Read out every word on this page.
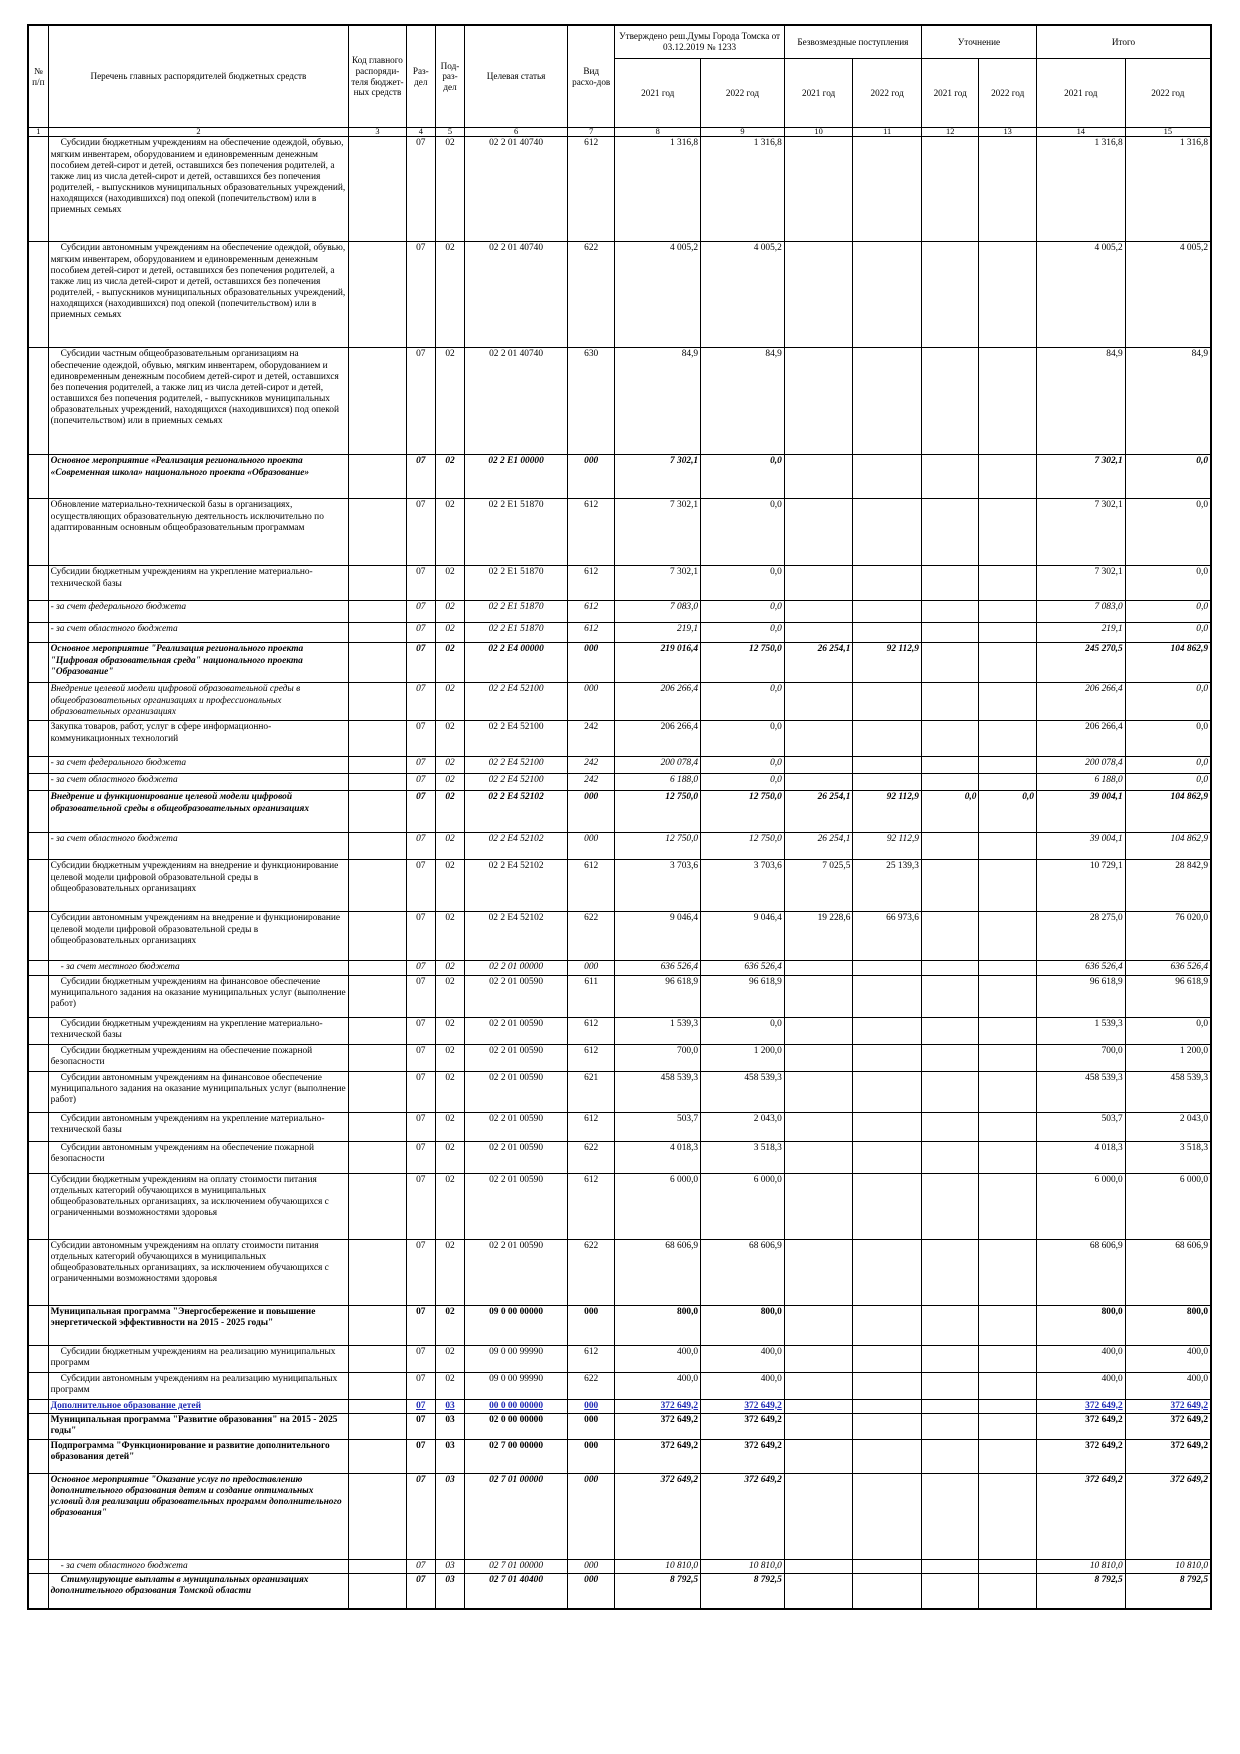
№ п/п	Перечень главных распорядителей бюджетных средств	Код главного распоряди-теля бюджет-ных средств	Раз-дел	Под-раз-дел	Целевая статья	Вид расхо-дов	Утверждено реш.Думы Города Томска от 03.12.2019 № 1233		Безвозмездные поступления		Уточнение		Итого	
							2021 год	2022 год	2021 год	2022 год	2021 год	2022 год	2021 год	2022 год
1	2	3	4	5	6	7	8	9	10	11	12	13	14	15
	Субсидии бюджетным учреждениям на обеспечение одеждой, обувью, мягким инвентарем, оборудованием и единовременным денежным пособием детей-сирот и детей, оставшихся без попечения родителей, а также лиц из числа детей-сирот и детей, оставшихся без попечения родителей, - выпускников муниципальных образовательных учреждений, находящихся (находившихся) под опекой (попечительством) или в приемных семьях		07	02	02 2 01 40740	612	1 316,8	1 316,8					1 316,8	1 316,8
	Субсидии автономным учреждениям на обеспечение одеждой, обувью, мягким инвентарем, оборудованием и единовременным денежным пособием детей-сирот и детей, оставшихся без попечения родителей, а также лиц из числа детей-сирот и детей, оставшихся без попечения родителей, - выпускников муниципальных образовательных учреждений, находящихся (находившихся) под опекой (попечительством) или в приемных семьях		07	02	02 2 01 40740	622	4 005,2	4 005,2					4 005,2	4 005,2
	Субсидии частным общеобразовательным организациям на обеспечение одеждой, обувью, мягким инвентарем, оборудованием и единовременным денежным пособием детей-сирот и детей, оставшихся без попечения родителей, а также лиц из числа детей-сирот и детей, оставшихся без попечения родителей, - выпускников муниципальных образовательных учреждений, находящихся (находившихся) под опекой (попечительством) или в приемных семьях		07	02	02 2 01 40740	630	84,9	84,9					84,9	84,9
	Основное мероприятие «Реализация регионального проекта «Современная школа» национального проекта «Образование»		07	02	02 2 E1 00000	000	7 302,1	0,0					7 302,1	0,0
	Обновление материально-технической базы в организациях, осуществляющих образовательную деятельность исключительно по адаптированным основным общеобразовательным программам		07	02	02 2 E1 51870	612	7 302,1	0,0					7 302,1	0,0
	Субсидии бюджетным учреждениям на укрепление материально-технической базы		07	02	02 2 E1 51870	612	7 302,1	0,0					7 302,1	0,0
	- за счет федерального бюджета		07	02	02 2 E1 51870	612	7 083,0	0,0					7 083,0	0,0
	- за счет областного бюджета		07	02	02 2 E1 51870	612	219,1	0,0					219,1	0,0
	Основное мероприятие "Реализация регионального проекта "Цифровая образовательная среда" национального проекта "Образование"		07	02	02 2 E4 00000	000	219 016,4	12 750,0	26 254,1	92 112,9			245 270,5	104 862,9
	Внедрение целевой модели цифровой образовательной среды в общеобразовательных организациях и профессиональных образовательных организациях		07	02	02 2 E4 52100	000	206 266,4	0,0					206 266,4	0,0
	Закупка товаров, работ, услуг в сфере информационно-коммуникационных технологий		07	02	02 2 E4 52100	242	206 266,4	0,0					206 266,4	0,0
	- за счет федерального бюджета		07	02	02 2 E4 52100	242	200 078,4	0,0					200 078,4	0,0
	- за счет областного бюджета		07	02	02 2 E4 52100	242	6 188,0	0,0					6 188,0	0,0
	Внедрение и функционирование целевой модели цифровой образовательной среды в общеобразовательных организациях		07	02	02 2 E4 52102	000	12 750,0	12 750,0	26 254,1	92 112,9	0,0	0,0	39 004,1	104 862,9
	- за счет областного бюджета		07	02	02 2 E4 52102	000	12 750,0	12 750,0	26 254,1	92 112,9			39 004,1	104 862,9
	Субсидии бюджетным учреждениям на внедрение и функционирование целевой модели цифровой образовательной среды в общеобразовательных организациях		07	02	02 2 E4 52102	612	3 703,6	3 703,6	7 025,5	25 139,3			10 729,1	28 842,9
	Субсидии автономным учреждениям на внедрение и функционирование целевой модели цифровой образовательной среды в общеобразовательных организациях		07	02	02 2 E4 52102	622	9 046,4	9 046,4	19 228,6	66 973,6			28 275,0	76 020,0
	- за счет местного бюджета		07	02	02 2 01 00000	000	636 526,4	636 526,4					636 526,4	636 526,4
	Субсидии бюджетным учреждениям на финансовое обеспечение муниципального задания на оказание муниципальных услуг (выполнение работ)		07	02	02 2 01 00590	611	96 618,9	96 618,9					96 618,9	96 618,9
	Субсидии бюджетным учреждениям на укрепление материально-технической базы		07	02	02 2 01 00590	612	1 539,3	0,0					1 539,3	0,0
	Субсидии бюджетным учреждениям на обеспечение пожарной безопасности		07	02	02 2 01 00590	612	700,0	1 200,0					700,0	1 200,0
	Субсидии автономным учреждениям на финансовое обеспечение муниципального задания на оказание муниципальных услуг (выполнение работ)		07	02	02 2 01 00590	621	458 539,3	458 539,3					458 539,3	458 539,3
	Субсидии автономным учреждениям на укрепление материально-технической базы		07	02	02 2 01 00590	612	503,7	2 043,0					503,7	2 043,0
	Субсидии автономным учреждениям на обеспечение пожарной безопасности		07	02	02 2 01 00590	622	4 018,3	3 518,3					4 018,3	3 518,3
	Субсидии бюджетным учреждениям на оплату стоимости питания отдельных категорий обучающихся в муниципальных общеобразовательных организациях, за исключением обучающихся с ограниченными возможностями здоровья		07	02	02 2 01 00590	612	6 000,0	6 000,0					6 000,0	6 000,0
	Субсидии автономным учреждениям на оплату стоимости питания отдельных категорий обучающихся в муниципальных общеобразовательных организациях, за исключением обучающихся с ограниченными возможностями здоровья		07	02	02 2 01 00590	622	68 606,9	68 606,9					68 606,9	68 606,9
	Муниципальная программа "Энергосбережение и повышение энергетической эффективности на 2015 - 2025 годы"		07	02	09 0 00 00000	000	800,0	800,0					800,0	800,0
	Субсидии бюджетным учреждениям на реализацию муниципальных программ		07	02	09 0 00 99990	612	400,0	400,0					400,0	400,0
	Субсидии автономным учреждениям на реализацию муниципальных программ		07	02	09 0 00 99990	622	400,0	400,0					400,0	400,0
	Дополнительное образование детей		07	03	00 0 00 00000	000	372 649,2	372 649,2					372 649,2	372 649,2
	Муниципальная программа "Развитие образования" на 2015 - 2025 годы"		07	03	02 0 00 00000	000	372 649,2	372 649,2					372 649,2	372 649,2
	Подпрограмма "Функционирование и развитие дополнительного образования детей"		07	03	02 7 00 00000	000	372 649,2	372 649,2					372 649,2	372 649,2
	Основное мероприятие "Оказание услуг по предоставлению дополнительного образования детям и создание оптимальных условий для реализации образовательных программ дополнительного образования"		07	03	02 7 01 00000	000	372 649,2	372 649,2					372 649,2	372 649,2
	- за счет областного бюджета		07	03	02 7 01 00000	000	10 810,0	10 810,0					10 810,0	10 810,0
	Стимулирующие выплаты в муниципальных организациях дополнительного образования Томской области		07	03	02 7 01 40400	000	8 792,5	8 792,5					8 792,5	8 792,5
